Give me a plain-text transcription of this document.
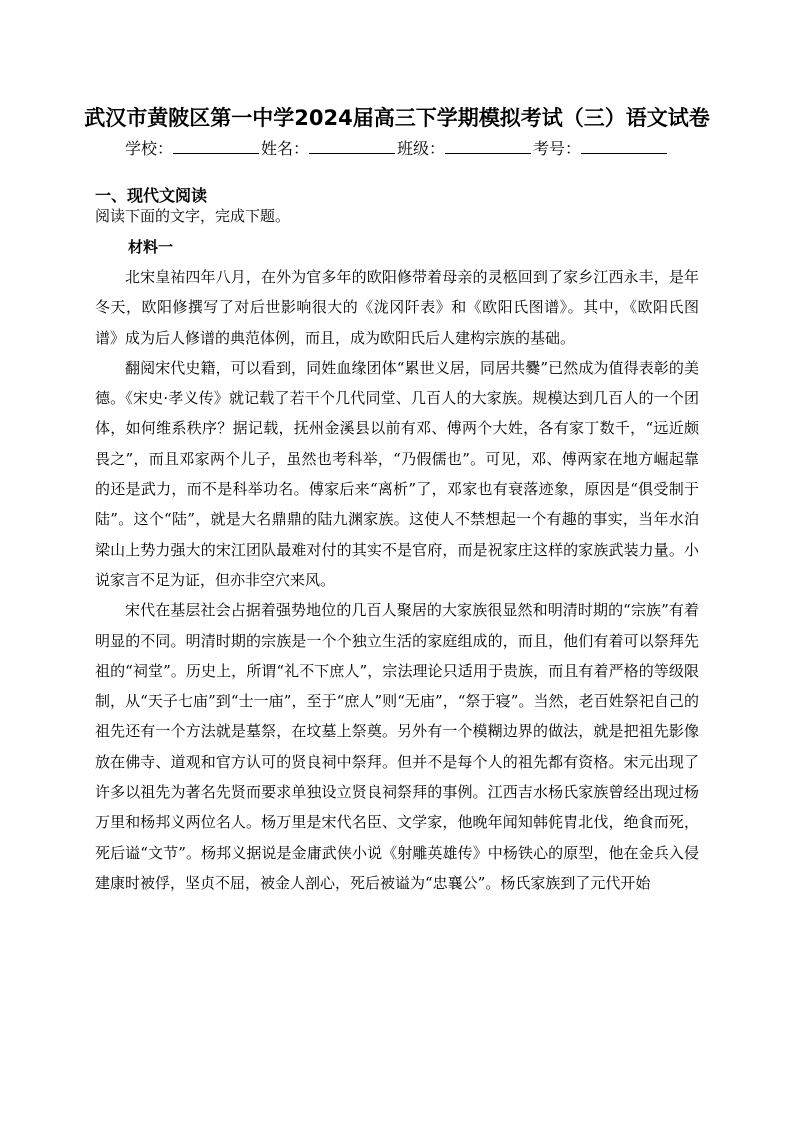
武汉市黄陂区第一中学2024届高三下学期模拟考试（三）语文试卷
学校：	姓名：	班级：	考号：
一、现代文阅读
阅读下面的文字，完成下题。
材料一

北宋皇祐四年八月，在外为官多年的欧阳修带着母亲的灵柩回到了家乡江西永丰，是年冬天，欧阳修撰写了对后世影响很大的《泷冈阡表》和《欧阳氏图谱》。其中，《欧阳氏图谱》成为后人修谱的典范体例，而且，成为欧阳氏后人建构宗族的基础。

翻阅宋代史籍，可以看到，同姓血缘团体“累世义居，同居共爨”已然成为值得表彰的美德。《宋史·孝义传》就记载了若干个几代同堂、几百人的大家族。规模达到几百人的一个团体，如何维系秩序？据记载，抚州金溪县以前有邓、傅两个大姓，各有家丁数千，“远近颇畏之”，而且邓家两个儿子，虽然也考科举，“乃假儒也”。可见，邓、傅两家在地方崛起靠的还是武力，而不是科举功名。傅家后来“离析”了，邓家也有衰落迹象，原因是“俱受制于陆”。这个“陆”，就是大名鼎鼎的陆九渊家族。这使人不禁想起一个有趣的事实，当年水泊梁山上势力强大的宋江团队最难对付的其实不是官府，而是祝家庄这样的家族武装力量。小说家言不足为证，但亦非空穴来风。

宋代在基层社会占据着强势地位的几百人聚居的大家族很显然和明清时期的“宗族”有着明显的不同。明清时期的宗族是一个个独立生活的家庭组成的，而且，他们有着可以祭拜先祖的“祠堂”。历史上，所谓“礼不下庶人”，宗法理论只适用于贵族，而且有着严格的等级限制，从“天子七庙”到“士一庙”，至于“庶人”则“无庙”，“祭于寝”。当然，老百姓祭祀自己的祖先还有一个方法就是墓祭，在坟墓上祭奠。另外有一个模糊边界的做法，就是把祖先影像放在佛寺、道观和官方认可的贤良祠中祭拜。但并不是每个人的祖先都有资格。宋元出现了许多以祖先为著名先贤而要求单独设立贤良祠祭拜的事例。江西吉水杨氏家族曾经出现过杨万里和杨邦义两位名人。杨万里是宋代名臣、文学家，他晚年闻知韩侂胄北伐，绝食而死，死后谥“文节”。杨邦义据说是金庸武侠小说《射雕英雄传》中杨铁心的原型，他在金兵入侵建康时被俘，坚贞不屈，被金人剖心，死后被谥为“忠襄公”。杨氏家族到了元代开始
